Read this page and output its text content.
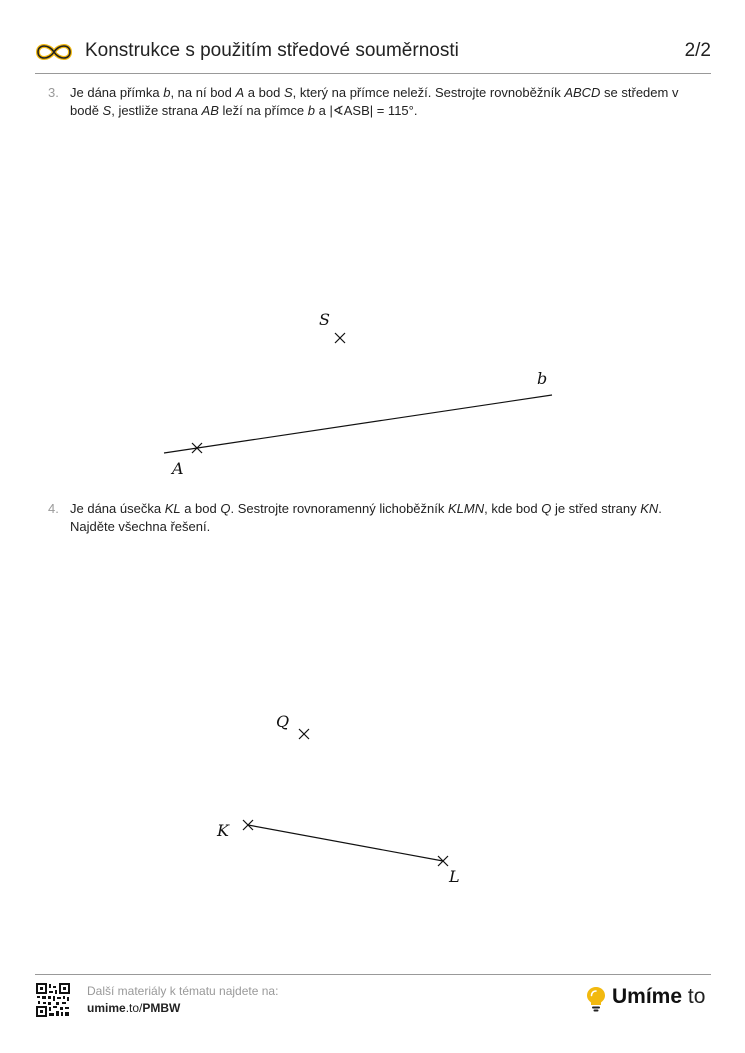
Konstrukce s použitím středové souměrnosti	2/2
3. Je dána přímka b, na ní bod A a bod S, který na přímce neleží. Sestrojte rovnoběžník ABCD se středem v bodě S, jestliže strana AB leží na přímce b a |∢ASB| = 115°.
4. Je dána úsečka KL a bod Q. Sestrojte rovnoramenný lichoběžník KLMN, kde bod Q je střed strany KN. Najděte všechna řešení.
S
b
A
Q
K
L
Další materiály k tématu najdete na:
umime.to/PMBW	Umíme to
